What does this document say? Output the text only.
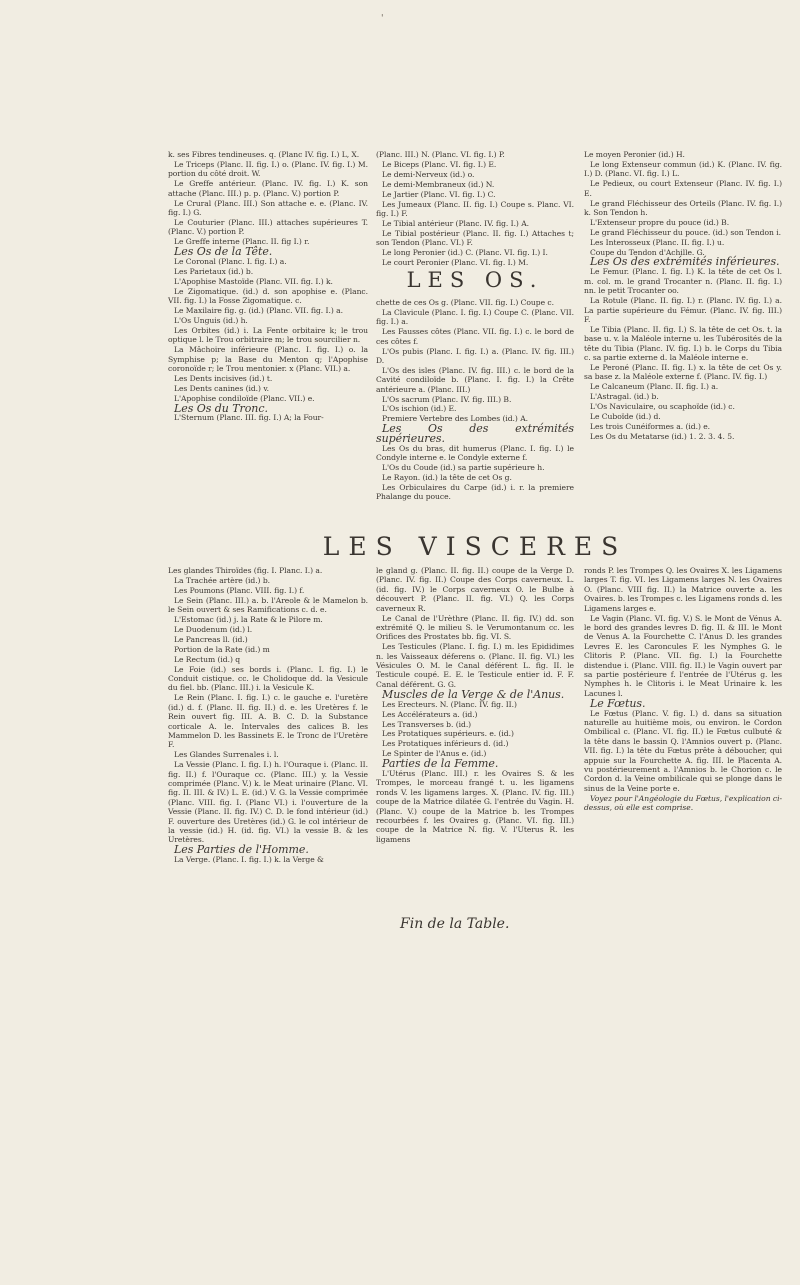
'

k. ses Fibres tendineuses. q. (Planc IV. fig. I.) L, X.

Le Triceps (Planc. II. fig. I.) o. (Planc. IV. fig. I.) M. portion du côté droit. W.

Le Greffe antérieur. (Planc. IV. fig. I.) K. son attache (Planc. III.) p. p. (Planc. V.) portion P.

Le Crural (Planc. III.) Son attache e. e. (Planc. IV. fig. I.) G.

Le Couturier (Planc. III.) attaches supérieures T. (Planc. V.) portion P.

Le Greffe interne (Planc. II. fig I.) r.

Les Os de la Tête.

Le Coronal (Planc. I. fig. I.) a.

Les Parietaux (id.) b.

L'Apophise Mastoïde (Planc. VII. fig. I.) k.

Le Zigomatique. (id.) d. son apophise e. (Planc. VII. fig. I.) la Fosse Zigomatique. c.

Le Maxilaire fig. g. (id.) (Planc. VII. fig. I.) a.

L'Os Unguis (id.) h.

Les Orbites (id.) i. La Fente orbitaire k; le trou optique l. le Trou orbitraire m; le trou sourcilier n.

La Mâchoire inférieure (Planc. I. fig. I.) o. la Symphise p; la Base du Menton q; l'Apophise coronoïde r; le Trou mentonier. x (Planc. VII.) a.

Les Dents incisives (id.) t.

Les Dents canines (id.) v.

L'Apophise condiloïde (Planc. VII.) e.

Les Os du Tronc.

L'Sternum (Planc. III. fig. I.) A; la Four-

(Planc. III.) N. (Planc. VI. fig. I.) P.

Le Biceps (Planc. VI. fig. I.) E.

Le demi-Nerveux (id.) o.

Le demi-Membraneux (id.) N.

Le Jartier (Planc. VI. fig. I.) C.

Les Jumeaux (Planc. II. fig. I.) Coupe s. Planc. VI. fig. I.) F.

Le Tibial antérieur (Planc. IV. fig. I.) A.

Le Tibial postérieur (Planc. II. fig. I.) Attaches t; son Tendon (Planc. VI.) F.

Le long Peronier (id.) C. (Planc. VI. fig. I.) I.

Le court Peronier (Planc. VI. fig. I.) M.

LES OS.

chette de ces Os g. (Planc. VII. fig. I.) Coupe c.

La Clavicule (Planc. I. fig. I.) Coupe C. (Planc. VII. fig. I.) a.

Les Fausses côtes (Planc. VII. fig. I.) c. le bord de ces côtes f.

L'Os pubis (Planc. I. fig. I.) a. (Planc. IV. fig. III.) D.

L'Os des isles (Planc. IV. fig. III.) c. le bord de la Cavité condiloïde b. (Planc. I. fig. I.) la Crête antérieure a. (Planc. III.)

L'Os sacrum (Planc. IV. fig. III.) B.

L'Os ischion (id.) E.

Premiere Vertebre des Lombes (id.) A.

Les Os des extrémités supérieures.

Les Os du bras, dit humerus (Planc. I. fig. I.) le Condyle interne e. le Condyle externe f.

L'Os du Coude (id.) sa partie supérieure h.

Le Rayon. (id.) la tête de cet Os g.

Les Orbiculaires du Carpe (id.) i. r. la premiere Phalange du pouce.

Le moyen Peronier (id.) H.

Le long Extenseur commun (id.) K. (Planc. IV. fig. I.) D. (Planc. VI. fig. I.) L.

Le Pedieux, ou court Extenseur (Planc. IV. fig. I.) E.

Le grand Fléchisseur des Orteils (Planc. IV. fig. I.) k. Son Tendon h.

L'Extenseur propre du pouce (id.) B.

Le grand Fléchisseur du pouce. (id.) son Tendon i.

Les Interosseux (Planc. II. fig. I.) u.

Coupe du Tendon d'Achille. G.

Les Os des extrémités inférieures.

Le Femur. (Planc. I. fig. I.) K. la tête de cet Os l. m. col. m. le grand Trocanter n. (Planc. II. fig. I.) nn. le petit Trocanter oo.

La Rotule (Planc. II. fig. I.) r. (Planc. IV. fig. I.) a. La partie supérieure du Fémur. (Planc. IV. fig. III.) F.

Le Tibia (Planc. II. fig. I.) S. la tête de cet Os. t. la base u. v. la Maléole interne u. les Tubérosités de la tête du Tibia (Planc. IV. fig. I.) b. le Corps du Tibia c. sa partie externe d. la Maléole interne e.

Le Peroné (Planc. II. fig. I.) x. la tête de cet Os y. sa base z. la Maléole externe f. (Planc. IV. fig. I.)

Le Calcaneum (Planc. II. fig. I.) a.

L'Astragal. (id.) b.

L'Os Naviculaire, ou scaphoïde (id.) c.

Le Cuboïde (id.) d.

Les trois Cunéiformes a. (id.) e.

Les Os du Metatarse (id.) 1. 2. 3. 4. 5.

LES VISCERES

Les glandes Thiroïdes (fig. I. Planc. I.) a.

La Trachée artère (id.) b.

Les Poumons (Planc. VIII. fig. I.) f.

Le Sein (Planc. III.) a. b. l'Areole & le Mamelon b. le Sein ouvert & ses Ramifications c. d. e.

L'Estomac (id.) j. la Rate & le Pilore m.

Le Duodenum (id.) l.

Le Pancreas ll. (id.)

Portion de la Rate (id.) m

Le Rectum (id.) q

Le Foie (id.) ses bords i. (Planc. I. fig. I.) le Conduit cistique. cc. le Cholidoque dd. la Vesicule du fiel. bb. (Planc. III.) i. la Vesicule K.

Le Rein (Planc. I. fig. I.) c. le gauche e. l'uretère (id.) d. f. (Planc. II. fig. II.) d. e. les Uretères f. le Rein ouvert fig. III. A. B. C. D. la Substance corticale A. le. Intervales des calices B. les Mammelon D. les Bassinets E. le Tronc de l'Uretère F.

Les Glandes Surrenales i. l.

La Vessie (Planc. I. fig. I.) h. l'Ouraque i. (Planc. II. fig. II.) f. l'Ouraque cc. (Planc. III.) y. la Vessie comprimée (Planc. V.) k. le Meat urinaire (Planc. VI. fig. II. III. & IV.) L. E. (id.) V. G. la Vessie comprimée (Planc. VIII. fig. I. (Planc VI.) i. l'ouverture de la Vessie (Planc. II. fig. IV.) C. D. le fond intérieur (id.) F. ouverture des Uretères (id.) G. le col intérieur de la vessie (id.) H. (id. fig. VI.) la vessie B. & les Uretères.

Les Parties de l'Homme.

La Verge. (Planc. I. fig. I.) k. la Verge &

le gland g. (Planc. II. fig. II.) coupe de la Verge D. (Planc. IV. fig. II.) Coupe des Corps caverneux. L. (id. fig. IV.) le Corps caverneux O. le Bulbe à découvert P. (Planc. II. fig. VI.) Q. les Corps caverneux R.

Le Canal de l'Urèthre (Planc. II. fig. IV.) dd. son extrémité Q. le milieu S. le Verumontanum cc. les Orifices des Prostates bb. fig. VI. S.

Les Testicules (Planc. I. fig. I.) m. les Epididimes n. les Vaisseaux déferens o. (Planc. II. fig. VI.) les Vésicules O. M. le Canal déférent L. fig. II. le Testicule coupé. E. E. le Testicule entier id. F. F. Canal déférent. G. G.

Muscles de la Verge & de l'Anus.

Les Erecteurs. N. (Planc. IV. fig. II.)

Les Accélérateurs a. (id.)

Les Transverses b. (id.)

Les Protatiques supérieurs. e. (id.)

Les Protatiques inférieurs d. (id.)

Le Spinter de l'Anus e. (id.)

Parties de la Femme.

L'Utérus (Planc. III.) r. les Ovaires S. & les Trompes, le morceau frangé t. u. les ligamens ronds V. les ligamens larges. X. (Planc. IV. fig. III.) coupe de la Matrice dilatée G. l'entrée du Vagin. H. (Planc. V.) coupe de la Matrice b. les Trompes recourbées f. les Ovaires g. (Planc. VI. fig. III.) coupe de la Matrice N. fig. V. l'Uterus R. les ligamens

ronds P. les Trompes Q. les Ovaires X. les Ligamens larges T. fig. VI. les Ligamens larges N. les Ovaires O. (Planc. VIII fig. II.) la Matrice ouverte a. les Ovaires. b. les Trompes c. les Ligamens ronds d. les Ligamens larges e.

Le Vagin (Planc. VI. fig. V.) S. le Mont de Vénus A. le bord des grandes levres D. fig. II. & III. le Mont de Venus A. la Fourchette C. l'Anus D. les grandes Levres E. les Caroncules F. les Nymphes G. le Clitoris P. (Planc. VII. fig. I.) la Fourchette distendue i. (Planc. VIII. fig. II.) le Vagin ouvert par sa partie postérieure f. l'entrée de l'Utérus g. les Nymphes h. le Clitoris i. le Meat Urinaire k. les Lacunes l.

Le Fœtus.

Le Fœtus (Planc. V. fig. I.) d. dans sa situation naturelle au huitième mois, ou environ. le Cordon Ombilical c. (Planc. VI. fig. II.) le Fœtus culbuté & la tête dans le bassin Q. l'Amnios ouvert p. (Planc. VII. fig. I.) la tête du Fœtus prête à déboucher, qui appuie sur la Fourchette A. fig. III. le Placenta A. vu postérieurement a. l'Amnios b. le Chorion c. le Cordon d. la Veine ombilicale qui se plonge dans le sinus de la Veine porte e.

Voyez pour l'Angéologie du Fœtus, l'explication ci-dessus, où elle est comprise.

Fin de la Table.
